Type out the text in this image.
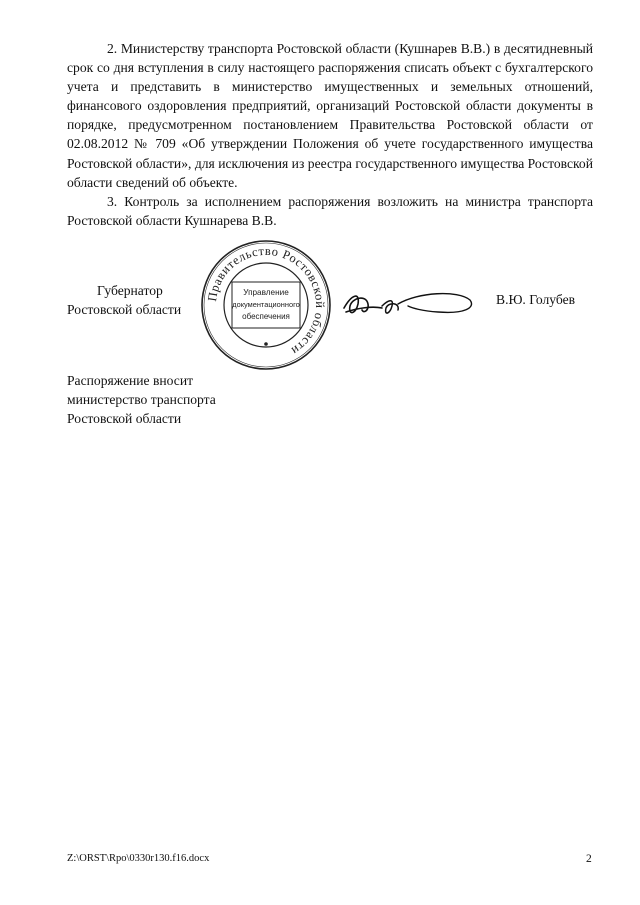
2. Министерству транспорта Ростовской области (Кушнарев В.В.) в десятидневный срок со дня вступления в силу настоящего распоряжения списать объект с бухгалтерского учета и представить в министерство имущественных и земельных отношений, финансового оздоровления предприятий, организаций Ростовской области документы в порядке, предусмотренном постановлением Правительства Ростовской области от 02.08.2012 № 709 «Об утверждении Положения об учете государственного имущества Ростовской области», для исключения из реестра государственного имущества Ростовской области сведений об объекте.

3. Контроль за исполнением распоряжения возложить на министра транспорта Ростовской области Кушнарева В.В.

Губернатор
Ростовской области
Правительство Ростовской области
Управление
документационного
обеспечения
В.Ю. Голубев
Распоряжение вносит
министерство транспорта
Ростовской области
Z:\ORST\Rpo\0330r130.f16.docx	2
